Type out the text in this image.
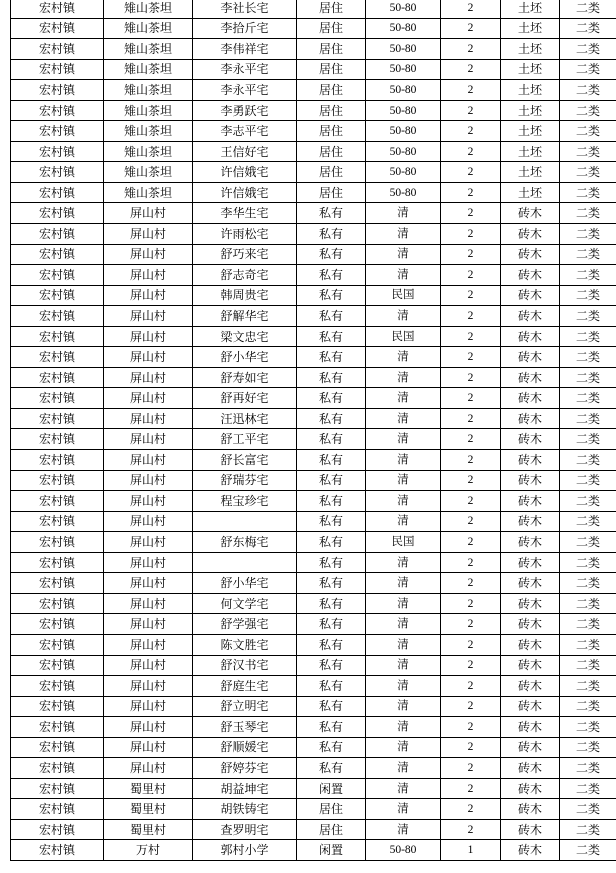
宏村镇	雉山茶坦	李社长宅	居住	50-80	2	土坯	二类
宏村镇	雉山茶坦	李拾斤宅	居住	50-80	2	土坯	二类
宏村镇	雉山茶坦	李伟祥宅	居住	50-80	2	土坯	二类
宏村镇	雉山茶坦	李永平宅	居住	50-80	2	土坯	二类
宏村镇	雉山茶坦	李永平宅	居住	50-80	2	土坯	二类
宏村镇	雉山茶坦	李勇跃宅	居住	50-80	2	土坯	二类
宏村镇	雉山茶坦	李志平宅	居住	50-80	2	土坯	二类
宏村镇	雉山茶坦	王信好宅	居住	50-80	2	土坯	二类
宏村镇	雉山茶坦	许信娥宅	居住	50-80	2	土坯	二类
宏村镇	雉山茶坦	许信娥宅	居住	50-80	2	土坯	二类
宏村镇	屏山村	李华生宅	私有	清	2	砖木	二类
宏村镇	屏山村	许雨松宅	私有	清	2	砖木	二类
宏村镇	屏山村	舒巧来宅	私有	清	2	砖木	二类
宏村镇	屏山村	舒志奇宅	私有	清	2	砖木	二类
宏村镇	屏山村	韩周贵宅	私有	民国	2	砖木	二类
宏村镇	屏山村	舒解华宅	私有	清	2	砖木	二类
宏村镇	屏山村	梁文忠宅	私有	民国	2	砖木	二类
宏村镇	屏山村	舒小华宅	私有	清	2	砖木	二类
宏村镇	屏山村	舒寿如宅	私有	清	2	砖木	二类
宏村镇	屏山村	舒再好宅	私有	清	2	砖木	二类
宏村镇	屏山村	汪迅林宅	私有	清	2	砖木	二类
宏村镇	屏山村	舒工平宅	私有	清	2	砖木	二类
宏村镇	屏山村	舒长富宅	私有	清	2	砖木	二类
宏村镇	屏山村	舒瑞芬宅	私有	清	2	砖木	二类
宏村镇	屏山村	程宝珍宅	私有	清	2	砖木	二类
宏村镇	屏山村		私有	清	2	砖木	二类
宏村镇	屏山村	舒东梅宅	私有	民国	2	砖木	二类
宏村镇	屏山村		私有	清	2	砖木	二类
宏村镇	屏山村	舒小华宅	私有	清	2	砖木	二类
宏村镇	屏山村	何文学宅	私有	清	2	砖木	二类
宏村镇	屏山村	舒学强宅	私有	清	2	砖木	二类
宏村镇	屏山村	陈文胜宅	私有	清	2	砖木	二类
宏村镇	屏山村	舒汉书宅	私有	清	2	砖木	二类
宏村镇	屏山村	舒庭生宅	私有	清	2	砖木	二类
宏村镇	屏山村	舒立明宅	私有	清	2	砖木	二类
宏村镇	屏山村	舒玉琴宅	私有	清	2	砖木	二类
宏村镇	屏山村	舒顺媛宅	私有	清	2	砖木	二类
宏村镇	屏山村	舒婷芬宅	私有	清	2	砖木	二类
宏村镇	蜀里村	胡益坤宅	闲置	清	2	砖木	二类
宏村镇	蜀里村	胡铁铸宅	居住	清	2	砖木	二类
宏村镇	蜀里村	查罗明宅	居住	清	2	砖木	二类
宏村镇	万村	郭村小学	闲置	50-80	1	砖木	二类
